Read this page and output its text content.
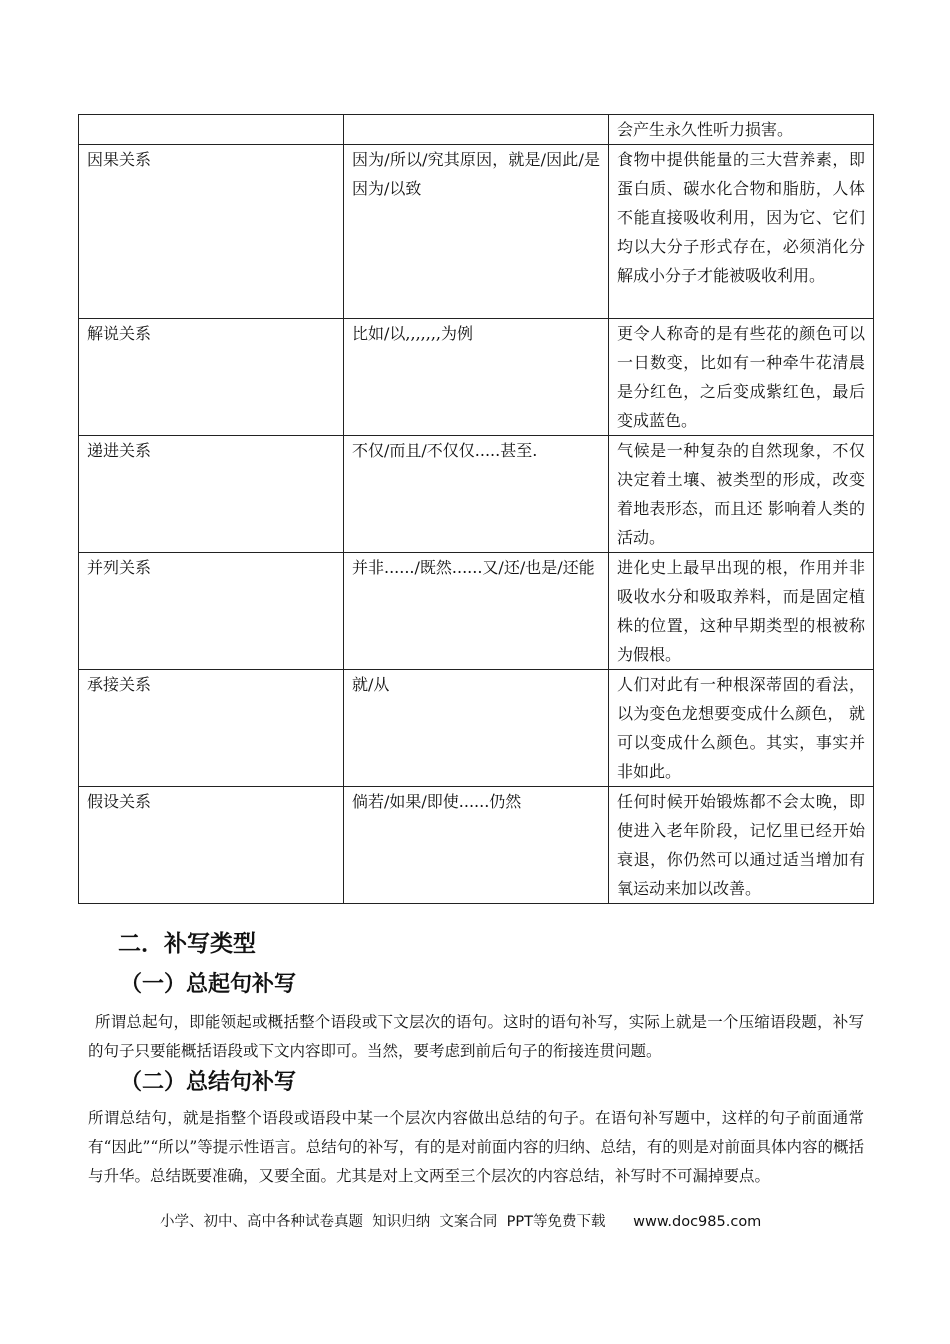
		会产生永久性听力损害。
因果关系	因为/所以/究其原因，就是/因此/是因为/以致	食物中提供能量的三大营养素，即蛋白质、碳水化合物和脂肪，人体不能直接吸收利用，因为它、它们均以大分子形式存在，必须消化分解成小分子才能被吸收利用。
解说关系	比如/以,,,,,,,为例	更令人称奇的是有些花的颜色可以一日数变，比如有一种牵牛花清晨是分红色，之后变成紫红色，最后变成蓝色。
递进关系	不仅/而且/不仅仅.....甚至.	气候是一种复杂的自然现象，不仅决定着土壤、被类型的形成，改变着地表形态，而且还 影响着人类的活动。
并列关系	并非....../既然......又/还/也是/还能	进化史上最早出现的根，作用并非吸收水分和吸取养料，而是固定植株的位置，这种早期类型的根被称为假根。
承接关系	就/从	人们对此有一种根深蒂固的看法，以为变色龙想要变成什么颜色， 就可以变成什么颜色。其实，事实并非如此。
假设关系	倘若/如果/即使......仍然	任何时候开始锻炼都不会太晚，即使进入老年阶段，记忆里已经开始衰退，你仍然可以通过适当增加有氧运动来加以改善。
二．补写类型
（一）总起句补写

所谓总起句，即能领起或概括整个语段或下文层次的语句。这时的语句补写，实际上就是一个压缩语段题，补写的句子只要能概括语段或下文内容即可。当然，要考虑到前后句子的衔接连贯问题。

（二）总结句补写

所谓总结句，就是指整个语段或语段中某一个层次内容做出总结的句子。在语句补写题中，这样的句子前面通常有“因此”“所以”等提示性语言。总结句的补写，有的是对前面内容的归纳、总结，有的则是对前面具体内容的概括与升华。总结既要准确，又要全面。尤其是对上文两至三个层次的内容总结，补写时不可漏掉要点。

小学、初中、高中各种试卷真题  知识归纳  文案合同  PPT等免费下载      www.doc985.com
